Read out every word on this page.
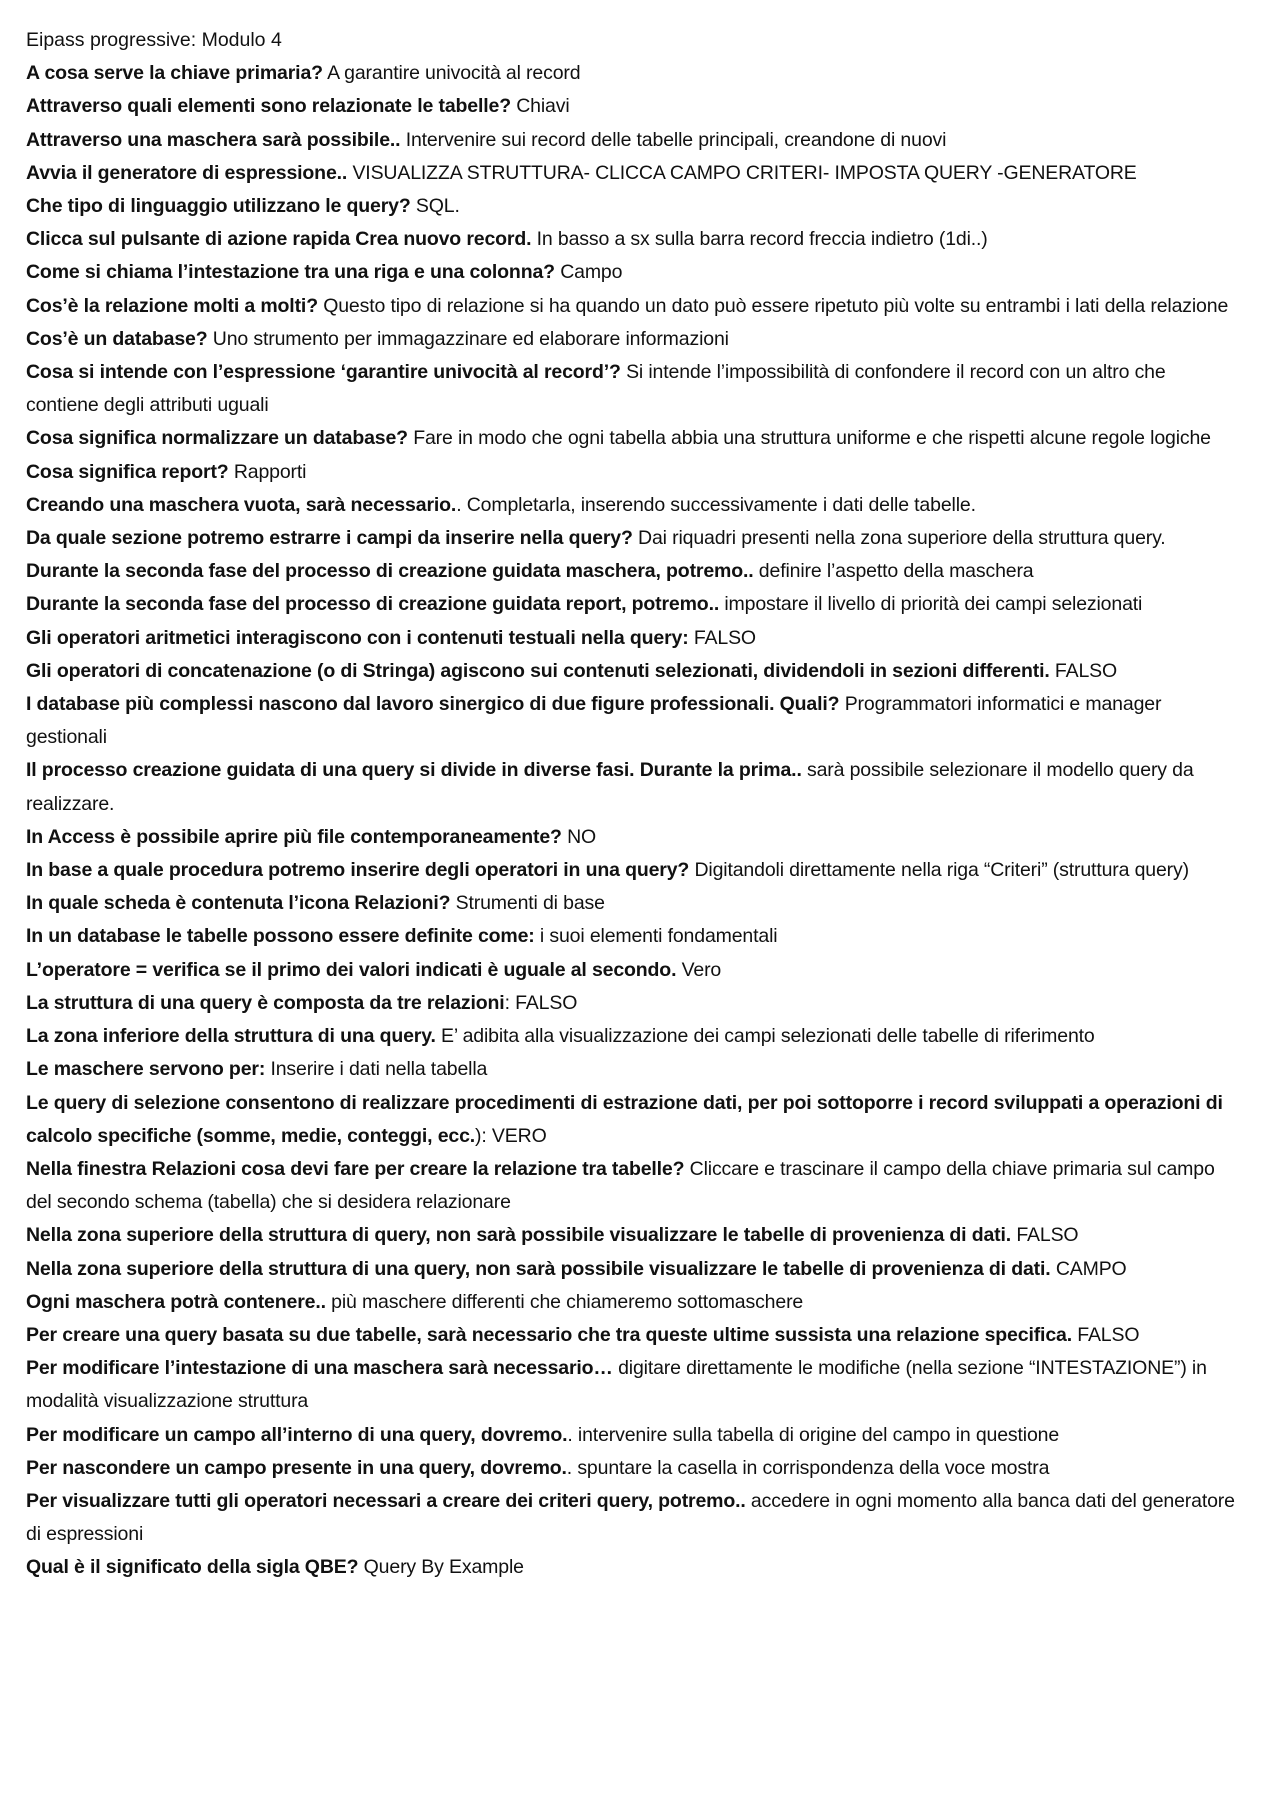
Eipass progressive: Modulo 4

A cosa serve la chiave primaria? A garantire univocità al record
Attraverso quali elementi sono relazionate le tabelle? Chiavi
Attraverso una maschera sarà possibile.. Intervenire sui record delle tabelle principali, creandone di nuovi
Avvia il generatore di espressione.. VISUALIZZA STRUTTURA- CLICCA CAMPO CRITERI- IMPOSTA QUERY -GENERATORE
Che tipo di linguaggio utilizzano le query? SQL.
Clicca sul pulsante di azione rapida Crea nuovo record. In basso a sx sulla barra record freccia indietro (1di..)
Come si chiama l’intestazione tra una riga e una colonna? Campo
Cos’è la relazione molti a molti? Questo tipo di relazione si ha quando un dato può essere ripetuto più volte su entrambi i lati della relazione
Cos’è un database? Uno strumento per immagazzinare ed elaborare informazioni
Cosa si intende con l’espressione ‘garantire univocità al record’? Si intende l’impossibilità di confondere il record con un altro che contiene degli attributi uguali
Cosa significa normalizzare un database? Fare in modo che ogni tabella abbia una struttura uniforme e che rispetti alcune regole logiche
Cosa significa report? Rapporti
Creando una maschera vuota, sarà necessario.. Completarla, inserendo successivamente i dati delle tabelle.
Da quale sezione potremo estrarre i campi da inserire nella query? Dai riquadri presenti nella zona superiore della struttura query.
Durante la seconda fase del processo di creazione guidata maschera, potremo.. definire l’aspetto della maschera
Durante la seconda fase del processo di creazione guidata report, potremo.. impostare il livello di priorità dei campi selezionati
Gli operatori aritmetici interagiscono con i contenuti testuali nella query: FALSO
Gli operatori di concatenazione (o di Stringa) agiscono sui contenuti selezionati, dividendoli in sezioni differenti. FALSO
I database più complessi nascono dal lavoro sinergico di due figure professionali. Quali? Programmatori informatici e manager gestionali
Il processo creazione guidata di una query si divide in diverse fasi. Durante la prima.. sarà possibile selezionare il modello query da realizzare.
In Access è possibile aprire più file contemporaneamente? NO
In base a quale procedura potremo inserire degli operatori in una query? Digitandoli direttamente nella riga “Criteri” (struttura query)
In quale scheda è contenuta l’icona Relazioni? Strumenti di base
In un database le tabelle possono essere definite come: i suoi elementi fondamentali
L’operatore = verifica se il primo dei valori indicati è uguale al secondo. Vero
La struttura di una query è composta da tre relazioni: FALSO
La zona inferiore della struttura di una query. E’ adibita alla visualizzazione dei campi selezionati delle tabelle di riferimento
Le maschere servono per: Inserire i dati nella tabella
Le query di selezione consentono di realizzare procedimenti di estrazione dati, per poi sottoporre i record sviluppati a operazioni di calcolo specifiche (somme, medie, conteggi, ecc.): VERO
Nella finestra Relazioni cosa devi fare per creare la relazione tra tabelle? Cliccare e trascinare il campo della chiave primaria sul campo del secondo schema (tabella) che si desidera relazionare
Nella zona superiore della struttura di query, non sarà possibile visualizzare le tabelle di provenienza di dati. FALSO
Nella zona superiore della struttura di una query, non sarà possibile visualizzare le tabelle di provenienza di dati. CAMPO
Ogni maschera potrà contenere.. più maschere differenti che chiameremo sottomaschere
Per creare una query basata su due tabelle, sarà necessario che tra queste ultime sussista una relazione specifica. FALSO
Per modificare l’intestazione di una maschera sarà necessario… digitare direttamente le modifiche (nella sezione “INTESTAZIONE”) in modalità visualizzazione struttura
Per modificare un campo all’interno di una query, dovremo.. intervenire sulla tabella di origine del campo in questione
Per nascondere un campo presente in una query, dovremo.. spuntare la casella in corrispondenza della voce mostra
Per visualizzare tutti gli operatori necessari a creare dei criteri query, potremo.. accedere in ogni momento alla banca dati del generatore di espressioni
Qual è il significato della sigla QBE? Query By Example
